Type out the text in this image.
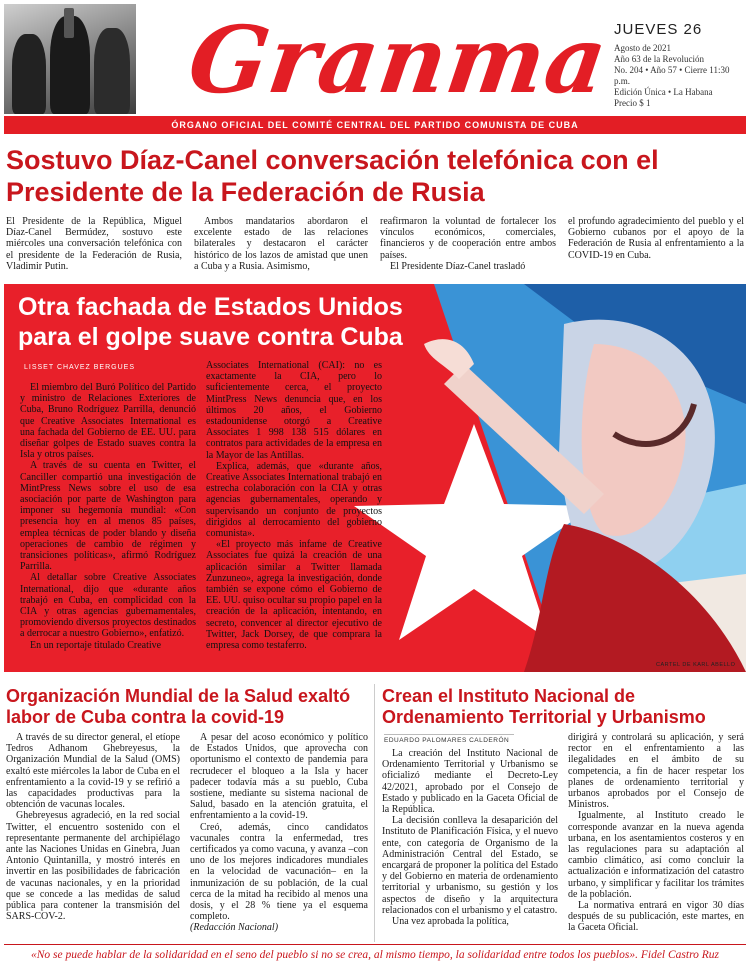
Granma JUEVES 26
Agosto de 2021
Año 63 de la Revolución
No. 204 • Año 57 • Cierre 11:30 p.m.
Edición Única • La Habana
Precio $ 1
ÓRGANO OFICIAL DEL COMITÉ CENTRAL DEL PARTIDO COMUNISTA DE CUBA
Sostuvo Díaz-Canel conversación telefónica con el Presidente de la Federación de Rusia

El Presidente de la República, Miguel Díaz-Canel Bermúdez, sostuvo este miércoles una conversación telefónica con el presidente de la Federación de Rusia, Vladimir Putin.

Ambos mandatarios abordaron el excelente estado de las relaciones bilaterales y destacaron el carácter histórico de los lazos de amistad que unen a Cuba y a Rusia. Asimismo,

reafirmaron la voluntad de fortalecer los vínculos económicos, comerciales, financieros y de cooperación entre ambos países.

El Presidente Díaz-Canel trasladó

el profundo agradecimiento del pueblo y el Gobierno cubanos por el apoyo de la Federación de Rusia al enfrentamiento a la COVID-19 en Cuba.

Otra fachada de Estados Unidos para el golpe suave contra Cuba
LISSET CHAVEZ BERGUES

El miembro del Buró Político del Partido y ministro de Relaciones Exteriores de Cuba, Bruno Rodríguez Parrilla, denunció que Creative Associates International es una fachada del Gobierno de EE. UU. para diseñar golpes de Estado suaves contra la Isla y otros países.

A través de su cuenta en Twitter, el Canciller compartió una investigación de MintPress News sobre el uso de esa asociación por parte de Washington para imponer su hegemonía mundial: «Con presencia hoy en al menos 85 países, emplea técnicas de poder blando y diseña operaciones de cambio de régimen y transiciones políticas», afirmó Rodríguez Parrilla.

Al detallar sobre Creative Associates International, dijo que «durante años trabajó en Cuba, en complicidad con la CIA y otras agencias gubernamentales, promoviendo diversos proyectos destinados a derrocar a nuestro Gobierno», enfatizó.

En un reportaje titulado Creative

Associates International (CAI): no es exactamente la CIA, pero lo suficientemente cerca, el proyecto MintPress News denuncia que, en los últimos 20 años, el Gobierno estadounidense otorgó a Creative Associates 1 998 138 515 dólares en contratos para actividades de la empresa en la Mayor de las Antillas.

Explica, además, que «durante años, Creative Associates International trabajó en estrecha colaboración con la CIA y otras agencias gubernamentales, operando y supervisando un conjunto de proyectos dirigidos al derrocamiento del gobierno comunista».

«El proyecto más infame de Creative Associates fue quizá la creación de una aplicación similar a Twitter llamada Zunzuneo», agrega la investigación, donde también se expone cómo el Gobierno de EE. UU. quiso ocultar su propio papel en la creación de la aplicación, intentando, en secreto, convencer al director ejecutivo de Twitter, Jack Dorsey, de que comprara la empresa como testaferro.

CARTEL DE KARL ABELLO
Organización Mundial de la Salud exaltó labor de Cuba contra la covid-19

A través de su director general, el etíope Tedros Adhanom Ghebreyesus, la Organización Mundial de la Salud (OMS) exaltó este miércoles la labor de Cuba en el enfrentamiento a la covid-19 y se refirió a las capacidades productivas para la obtención de vacunas locales.

Ghebreyesus agradeció, en la red social Twitter, el encuentro sostenido con el representante permanente del archipiélago ante las Naciones Unidas en Ginebra, Juan Antonio Quintanilla, y mostró interés en invertir en las posibilidades de fabricación de vacunas nacionales, y en la prioridad que se concede a las medidas de salud pública para contener la transmisión del SARS-COV-2.

A pesar del acoso económico y político de Estados Unidos, que aprovecha con oportunismo el contexto de pandemia para recrudecer el bloqueo a la Isla y hacer padecer todavía más a su pueblo, Cuba sostiene, mediante su sistema nacional de Salud, basado en la atención gratuita, el enfrentamiento a la covid-19.

Creó, además, cinco candidatos vacunales contra la enfermedad, tres certificados ya como vacuna, y avanza –con uno de los mejores indicadores mundiales en la velocidad de vacunación– en la inmunización de su población, de la cual cerca de la mitad ha recibido al menos una dosis, y el 28 % tiene ya el esquema completo.

(Redacción Nacional)

Crean el Instituto Nacional de Ordenamiento Territorial y Urbanismo
EDUARDO PALOMARES CALDERÓN

La creación del Instituto Nacional de Ordenamiento Territorial y Urbanismo se oficializó mediante el Decreto-Ley 42/2021, aprobado por el Consejo de Estado y publicado en la Gaceta Oficial de la República.

La decisión conlleva la desaparición del Instituto de Planificación Física, y el nuevo ente, con categoría de Organismo de la Administración Central del Estado, se encargará de proponer la política del Estado y del Gobierno en materia de ordenamiento territorial y urbanismo, su gestión y los aspectos de diseño y la arquitectura relacionados con el urbanismo y el catastro.

Una vez aprobada la política,

dirigirá y controlará su aplicación, y será rector en el enfrentamiento a las ilegalidades en el ámbito de su competencia, a fin de hacer respetar los planes de ordenamiento territorial y urbanos aprobados por el Consejo de Ministros.

Igualmente, al Instituto creado le corresponde avanzar en la nueva agenda urbana, en los asentamientos costeros y en las regulaciones para su adaptación al cambio climático, así como concluir la actualización e informatización del catastro urbano, y simplificar y facilitar los trámites de la población.

La normativa entrará en vigor 30 días después de su publicación, este martes, en la Gaceta Oficial.

«No se puede hablar de la solidaridad en el seno del pueblo si no se crea, al mismo tiempo, la solidaridad entre todos los pueblos». Fidel Castro Ruz
